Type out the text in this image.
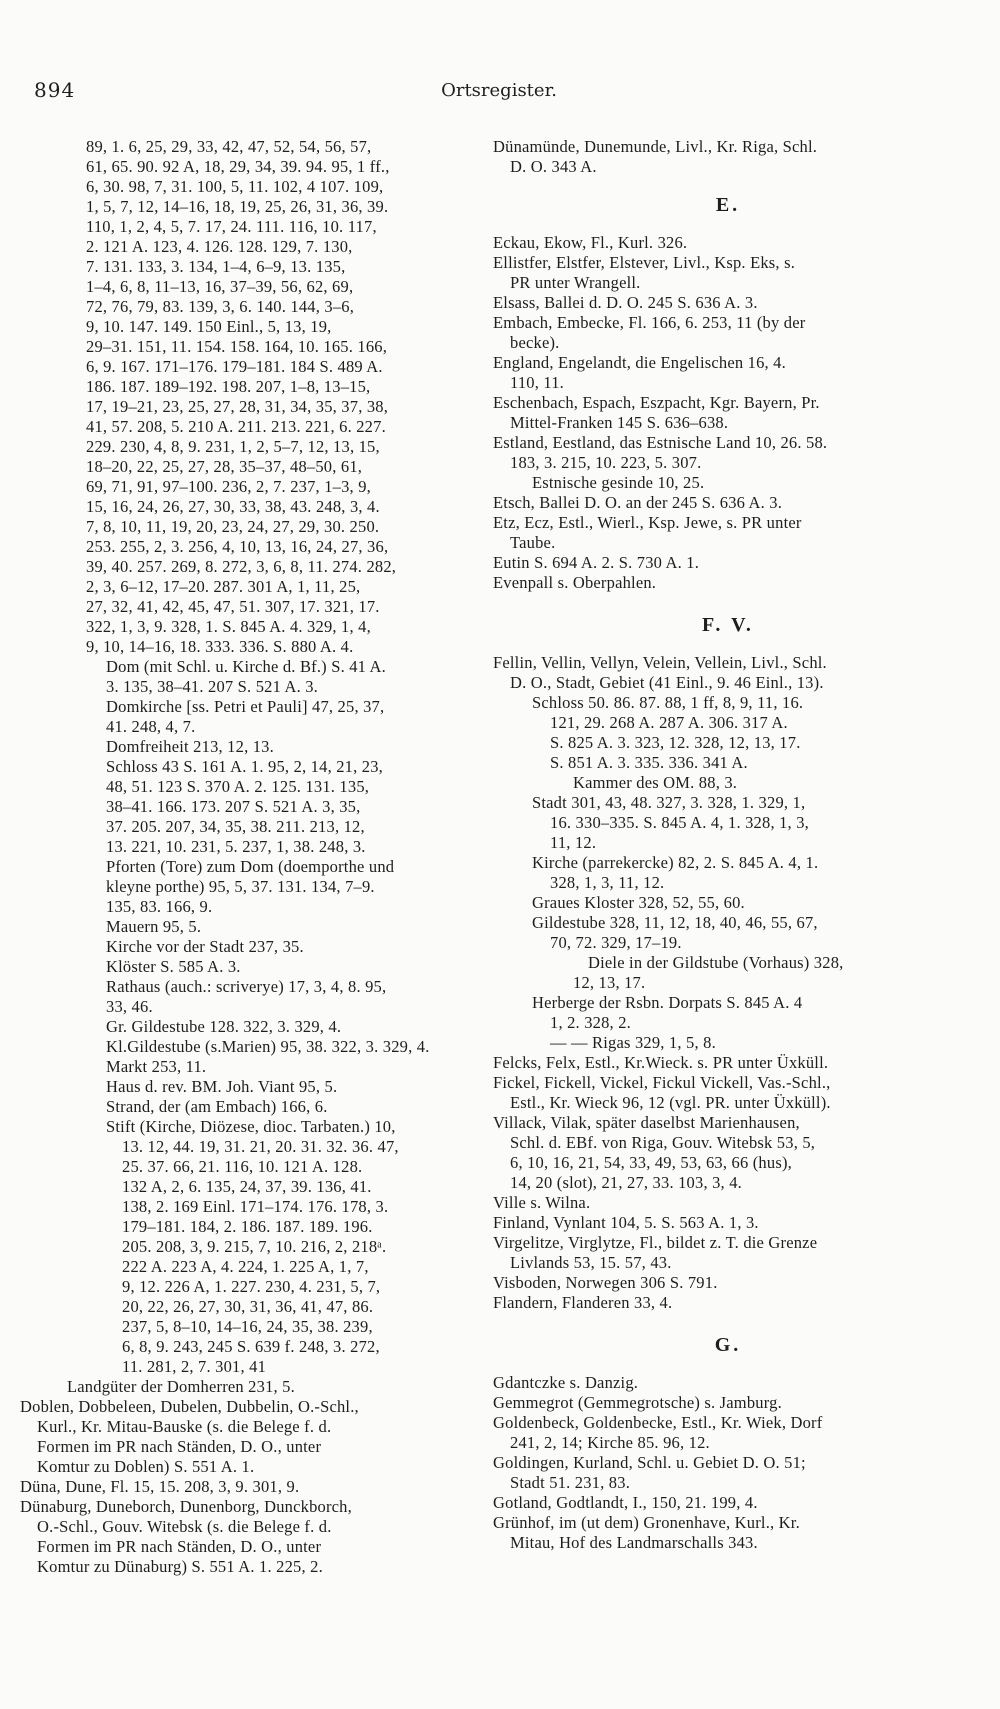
894	Ortsregister.
89, 1. 6, 25, 29, 33, 42, 47, 52, 54, 56, 57,
61, 65. 90. 92 A, 18, 29, 34, 39. 94. 95, 1 ff.,
6, 30. 98, 7, 31. 100, 5, 11. 102, 4 107. 109,
1, 5, 7, 12, 14–16, 18, 19, 25, 26, 31, 36, 39.
110, 1, 2, 4, 5, 7. 17, 24. 111. 116, 10. 117,
2. 121 A. 123, 4. 126. 128. 129, 7. 130,
7. 131. 133, 3. 134, 1–4, 6–9, 13. 135,
1–4, 6, 8, 11–13, 16, 37–39, 56, 62, 69,
72, 76, 79, 83. 139, 3, 6. 140. 144, 3–6,
9, 10. 147. 149. 150 Einl., 5, 13, 19,
29–31. 151, 11. 154. 158. 164, 10. 165. 166,
6, 9. 167. 171–176. 179–181. 184 S. 489 A.
186. 187. 189–192. 198. 207, 1–8, 13–15,
17, 19–21, 23, 25, 27, 28, 31, 34, 35, 37, 38,
41, 57. 208, 5. 210 A. 211. 213. 221, 6. 227.
229. 230, 4, 8, 9. 231, 1, 2, 5–7, 12, 13, 15,
18–20, 22, 25, 27, 28, 35–37, 48–50, 61,
69, 71, 91, 97–100. 236, 2, 7. 237, 1–3, 9,
15, 16, 24, 26, 27, 30, 33, 38, 43. 248, 3, 4.
7, 8, 10, 11, 19, 20, 23, 24, 27, 29, 30. 250.
253. 255, 2, 3. 256, 4, 10, 13, 16, 24, 27, 36,
39, 40. 257. 269, 8. 272, 3, 6, 8, 11. 274. 282,
2, 3, 6–12, 17–20. 287. 301 A, 1, 11, 25,
27, 32, 41, 42, 45, 47, 51. 307, 17. 321, 17.
322, 1, 3, 9. 328, 1. S. 845 A. 4. 329, 1, 4,
9, 10, 14–16, 18. 333. 336. S. 880 A. 4.
Dom (mit Schl. u. Kirche d. Bf.) S. 41 A.
3. 135, 38–41. 207 S. 521 A. 3.
Domkirche [ss. Petri et Pauli] 47, 25, 37,
41. 248, 4, 7.
Domfreiheit 213, 12, 13.
Schloss 43 S. 161 A. 1. 95, 2, 14, 21, 23,
48, 51. 123 S. 370 A. 2. 125. 131. 135,
38–41. 166. 173. 207 S. 521 A. 3, 35,
37. 205. 207, 34, 35, 38. 211. 213, 12,
13. 221, 10. 231, 5. 237, 1, 38. 248, 3.
Pforten (Tore) zum Dom (doemporthe und
kleyne porthe) 95, 5, 37. 131. 134, 7–9.
135, 83. 166, 9.
Mauern 95, 5.
Kirche vor der Stadt 237, 35.
Klöster S. 585 A. 3.
Rathaus (auch.: scriverye) 17, 3, 4, 8. 95,
33, 46.
Gr. Gildestube 128. 322, 3. 329, 4.
Kl.Gildestube (s.Marien) 95, 38. 322, 3. 329, 4.
Markt 253, 11.
Haus d. rev. BM. Joh. Viant 95, 5.
Strand, der (am Embach) 166, 6.
Stift (Kirche, Diözese, dioc. Tarbaten.) 10,
13. 12, 44. 19, 31. 21, 20. 31. 32. 36. 47,
25. 37. 66, 21. 116, 10. 121 A. 128.
132 A, 2, 6. 135, 24, 37, 39. 136, 41.
138, 2. 169 Einl. 171–174. 176. 178, 3.
179–181. 184, 2. 186. 187. 189. 196.
205. 208, 3, 9. 215, 7, 10. 216, 2, 218ᵃ.
222 A. 223 A, 4. 224, 1. 225 A, 1, 7,
9, 12. 226 A, 1. 227. 230, 4. 231, 5, 7,
20, 22, 26, 27, 30, 31, 36, 41, 47, 86.
237, 5, 8–10, 14–16, 24, 35, 38. 239,
6, 8, 9. 243, 245 S. 639 f. 248, 3. 272,
11. 281, 2, 7. 301, 41
Landgüter der Domherren 231, 5.
Doblen, Dobbeleen, Dubelen, Dubbelin, O.-Schl.,
Kurl., Kr. Mitau-Bauske (s. die Belege f. d.
Formen im PR nach Ständen, D. O., unter
Komtur zu Doblen) S. 551 A. 1.
Düna, Dune, Fl. 15, 15. 208, 3, 9. 301, 9.
Dünaburg, Duneborch, Dunenborg, Dunckborch,
O.-Schl., Gouv. Witebsk (s. die Belege f. d.
Formen im PR nach Ständen, D. O., unter
Komtur zu Dünaburg) S. 551 A. 1. 225, 2.
Dünamünde, Dunemunde, Livl., Kr. Riga, Schl.
D. O. 343 A.
E.
Eckau, Ekow, Fl., Kurl. 326.
Ellistfer, Elstfer, Elstever, Livl., Ksp. Eks, s.
PR unter Wrangell.
Elsass, Ballei d. D. O. 245 S. 636 A. 3.
Embach, Embecke, Fl. 166, 6. 253, 11 (by der
becke).
England, Engelandt, die Engelischen 16, 4.
110, 11.
Eschenbach, Espach, Eszpacht, Kgr. Bayern, Pr.
Mittel-Franken 145 S. 636–638.
Estland, Eestland, das Estnische Land 10, 26. 58.
183, 3. 215, 10. 223, 5. 307.
Estnische gesinde 10, 25.
Etsch, Ballei D. O. an der 245 S. 636 A. 3.
Etz, Ecz, Estl., Wierl., Ksp. Jewe, s. PR unter
Taube.
Eutin S. 694 A. 2. S. 730 A. 1.
Evenpall s. Oberpahlen.
F. V.
Fellin, Vellin, Vellyn, Velein, Vellein, Livl., Schl.
D. O., Stadt, Gebiet (41 Einl., 9. 46 Einl., 13).
Schloss 50. 86. 87. 88, 1 ff, 8, 9, 11, 16.
121, 29. 268 A. 287 A. 306. 317 A.
S. 825 A. 3. 323, 12. 328, 12, 13, 17.
S. 851 A. 3. 335. 336. 341 A.
Kammer des OM. 88, 3.
Stadt 301, 43, 48. 327, 3. 328, 1. 329, 1,
16. 330–335. S. 845 A. 4, 1. 328, 1, 3,
11, 12.
Kirche (parrekercke) 82, 2. S. 845 A. 4, 1.
328, 1, 3, 11, 12.
Graues Kloster 328, 52, 55, 60.
Gildestube 328, 11, 12, 18, 40, 46, 55, 67,
70, 72. 329, 17–19.
Diele in der Gildstube (Vorhaus) 328,
12, 13, 17.
Herberge der Rsbn. Dorpats S. 845 A. 4
1, 2. 328, 2.
— — Rigas 329, 1, 5, 8.
Felcks, Felx, Estl., Kr.Wieck. s. PR unter Üxküll.
Fickel, Fickell, Vickel, Fickul Vickell, Vas.-Schl.,
Estl., Kr. Wieck 96, 12 (vgl. PR. unter Üxküll).
Villack, Vilak, später daselbst Marienhausen,
Schl. d. EBf. von Riga, Gouv. Witebsk 53, 5,
6, 10, 16, 21, 54, 33, 49, 53, 63, 66 (hus),
14, 20 (slot), 21, 27, 33. 103, 3, 4.
Ville s. Wilna.
Finland, Vynlant 104, 5. S. 563 A. 1, 3.
Virgelitze, Virglytze, Fl., bildet z. T. die Grenze
Livlands 53, 15. 57, 43.
Visboden, Norwegen 306 S. 791.
Flandern, Flanderen 33, 4.
G.
Gdantczke s. Danzig.
Gemmegrot (Gemmegrotsche) s. Jamburg.
Goldenbeck, Goldenbecke, Estl., Kr. Wiek, Dorf
241, 2, 14; Kirche 85. 96, 12.
Goldingen, Kurland, Schl. u. Gebiet D. O. 51;
Stadt 51. 231, 83.
Gotland, Godtlandt, I., 150, 21. 199, 4.
Grünhof, im (ut dem) Gronenhave, Kurl., Kr.
Mitau, Hof des Landmarschalls 343.
